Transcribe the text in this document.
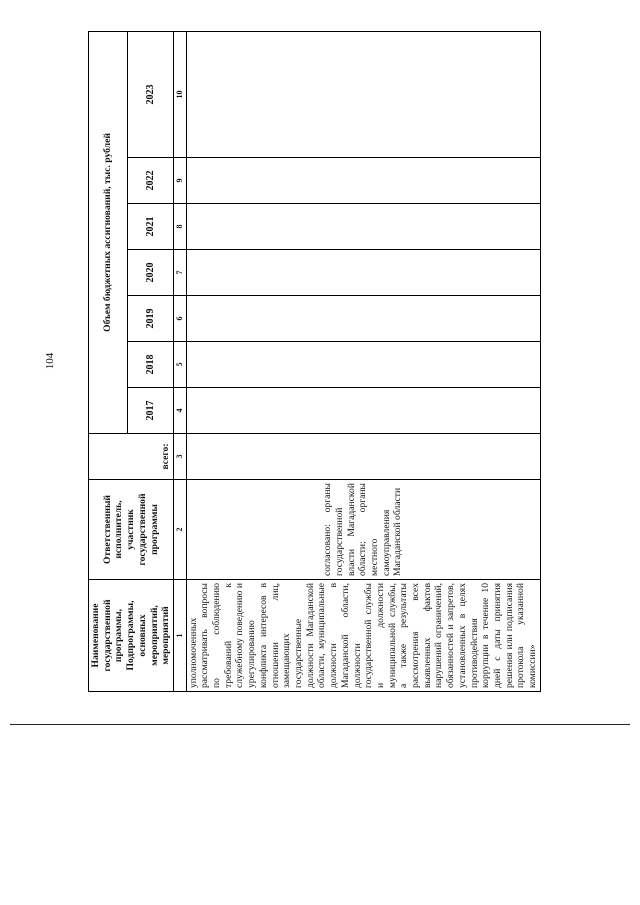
104
Наименование государственной программы, Подпрограммы, основных мероприятий, мероприятий	Ответственный исполнитель, участник государственной программы	всего:	Объем бюджетных ассигнований, тыс. рублей						
			2017	2018	2019	2020	2021	2022	2023
1	2	3	4	5	6	7	8	9	10
уполномоченных рассматривать вопросы по соблюдению требований к служебному поведению и урегулированию конфликта интересов в отношении лиц, замещающих государственные должности Магаданской области, муниципальные должности в Магаданской области, должности государственной службы и должности муниципальной службы, а также результаты рассмотрения всех выявленных фактов нарушений ограничений, обязанностей и запретов, установленных в целях противодействия коррупции в течение 10 дней с даты принятия решения или подписания протокола указанной комиссии»	согласовано: органы государственной власти Магаданской области; органы местного самоуправления Магаданской области								
